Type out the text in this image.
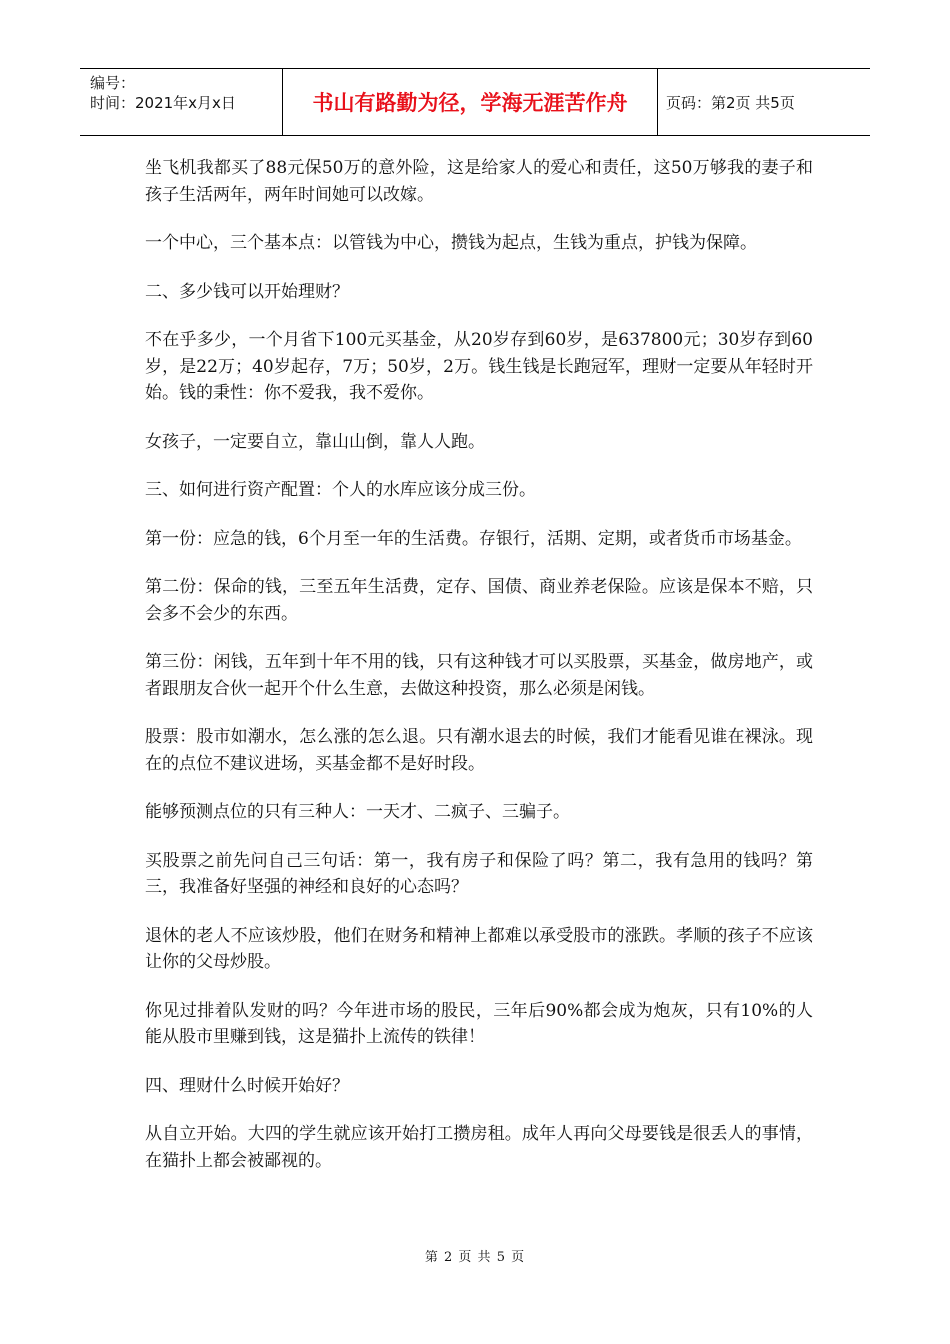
编号：
时间：2021年x月x日	书山有路勤为径，学海无涯苦作舟	页码：第2页 共5页

坐飞机我都买了88元保50万的意外险，这是给家人的爱心和责任，这50万够我的妻子和孩子生活两年，两年时间她可以改嫁。

一个中心，三个基本点：以管钱为中心，攒钱为起点，生钱为重点，护钱为保障。

二、多少钱可以开始理财？

不在乎多少，一个月省下100元买基金，从20岁存到60岁，是637800元；30岁存到60岁，是22万；40岁起存，7万；50岁，2万。钱生钱是长跑冠军，理财一定要从年轻时开始。钱的秉性：你不爱我，我不爱你。

女孩子，一定要自立，靠山山倒，靠人人跑。

三、如何进行资产配置：个人的水库应该分成三份。

第一份：应急的钱，6个月至一年的生活费。存银行，活期、定期，或者货币市场基金。

第二份：保命的钱，三至五年生活费，定存、国债、商业养老保险。应该是保本不赔，只会多不会少的东西。

第三份：闲钱，五年到十年不用的钱，只有这种钱才可以买股票，买基金，做房地产，或者跟朋友合伙一起开个什么生意，去做这种投资，那么必须是闲钱。

股票：股市如潮水，怎么涨的怎么退。只有潮水退去的时候，我们才能看见谁在裸泳。现在的点位不建议进场，买基金都不是好时段。

能够预测点位的只有三种人：一天才、二疯子、三骗子。

买股票之前先问自己三句话：第一，我有房子和保险了吗？第二，我有急用的钱吗？第三，我准备好坚强的神经和良好的心态吗？

退休的老人不应该炒股，他们在财务和精神上都难以承受股市的涨跌。孝顺的孩子不应该让你的父母炒股。

你见过排着队发财的吗？今年进市场的股民，三年后90%都会成为炮灰，只有10%的人能从股市里赚到钱，这是猫扑上流传的铁律！

四、理财什么时候开始好？

从自立开始。大四的学生就应该开始打工攒房租。成年人再向父母要钱是很丢人的事情，在猫扑上都会被鄙视的。

第 2 页 共 5 页
